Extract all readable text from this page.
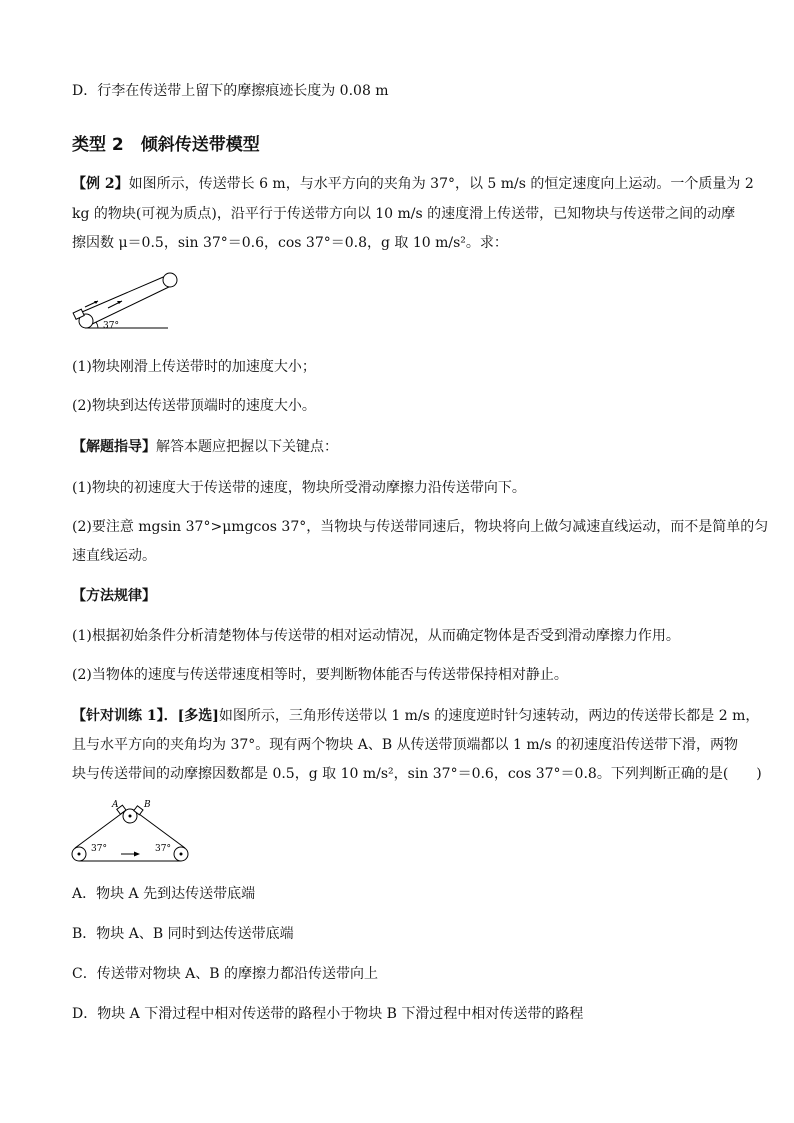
D．行李在传送带上留下的摩擦痕迹长度为 0.08 m
类型 2　倾斜传送带模型
【例 2】如图所示，传送带长 6 m，与水平方向的夹角为 37°，以 5 m/s 的恒定速度向上运动。一个质量为 2
kg 的物块(可视为质点)，沿平行于传送带方向以 10 m/s 的速度滑上传送带，已知物块与传送带之间的动摩
擦因数 μ＝0.5，sin 37°＝0.6，cos 37°＝0.8，g 取 10 m/s²。求：
37°
(1)物块刚滑上传送带时的加速度大小；
(2)物块到达传送带顶端时的速度大小。
【解题指导】解答本题应把握以下关键点：
(1)物块的初速度大于传送带的速度，物块所受滑动摩擦力沿传送带向下。
(2)要注意 mgsin 37°>μmgcos 37°，当物块与传送带同速后，物块将向上做匀减速直线运动，而不是简单的匀
速直线运动。
【方法规律】
(1)根据初始条件分析清楚物体与传送带的相对运动情况，从而确定物体是否受到滑动摩擦力作用。
(2)当物体的速度与传送带速度相等时，要判断物体能否与传送带保持相对静止。
【针对训练 1】．[多选]如图所示，三角形传送带以 1 m/s 的速度逆时针匀速转动，两边的传送带长都是 2 m，
且与水平方向的夹角均为 37°。现有两个物块 A、B 从传送带顶端都以 1 m/s 的初速度沿传送带下滑，两物
块与传送带间的动摩擦因数都是 0.5，g 取 10 m/s²，sin 37°＝0.6，cos 37°＝0.8。下列判断正确的是(　　)
A	B
37°	37°
A．物块 A 先到达传送带底端
B．物块 A、B 同时到达传送带底端
C．传送带对物块 A、B 的摩擦力都沿传送带向上
D．物块 A 下滑过程中相对传送带的路程小于物块 B 下滑过程中相对传送带的路程
